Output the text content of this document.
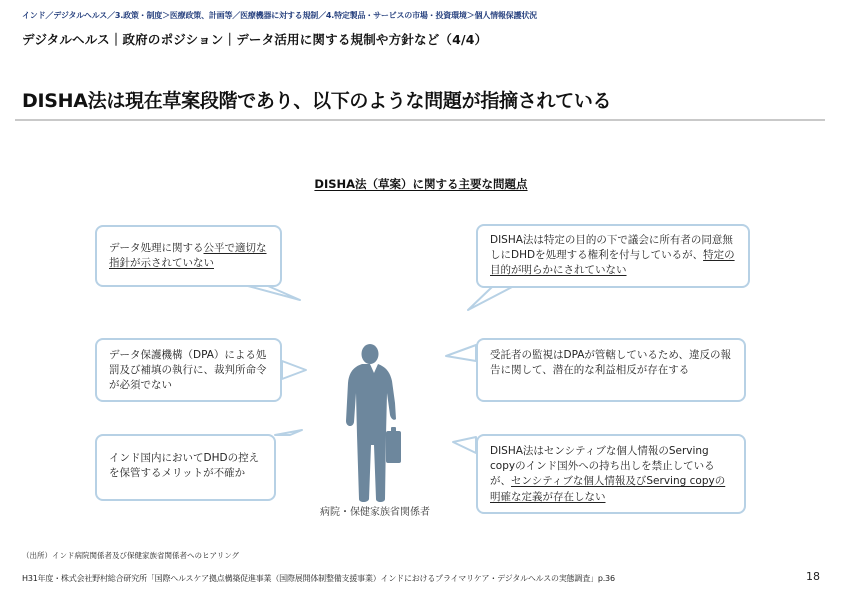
インド／デジタルヘルス／3.政策・制度＞医療政策、計画等／医療機器に対する規制／4.特定製品・サービスの市場・投資環境＞個人情報保護状況
デジタルヘルス｜政府のポジション｜データ活用に関する規制や方針など（4/4）
DISHA法は現在草案段階であり、以下のような問題が指摘されている
DISHA法（草案）に関する主要な問題点
データ処理に関する公平で適切な指針が示されていない
データ保護機構（DPA）による処罰及び補填の執行に、裁判所命令が必須でない
インド国内においてDHDの控えを保管するメリットが不確か
DISHA法は特定の目的の下で議会に所有者の同意無しにDHDを処理する権利を付与しているが、特定の目的が明らかにされていない
受託者の監視はDPAが管轄しているため、違反の報告に関して、潜在的な利益相反が存在する
DISHA法はセンシティブな個人情報のServing copyのインド国外への持ち出しを禁止しているが、センシティブな個人情報及びServing copyの明確な定義が存在しない
病院・保健家族省関係者
（出所）インド病院関係者及び保健家族省関係者へのヒアリング
H31年度・株式会社野村総合研究所「国際ヘルスケア拠点構築促進事業（国際展開体制整備支援事業）インドにおけるプライマリケア・デジタルヘルスの実態調査」p.36	18
